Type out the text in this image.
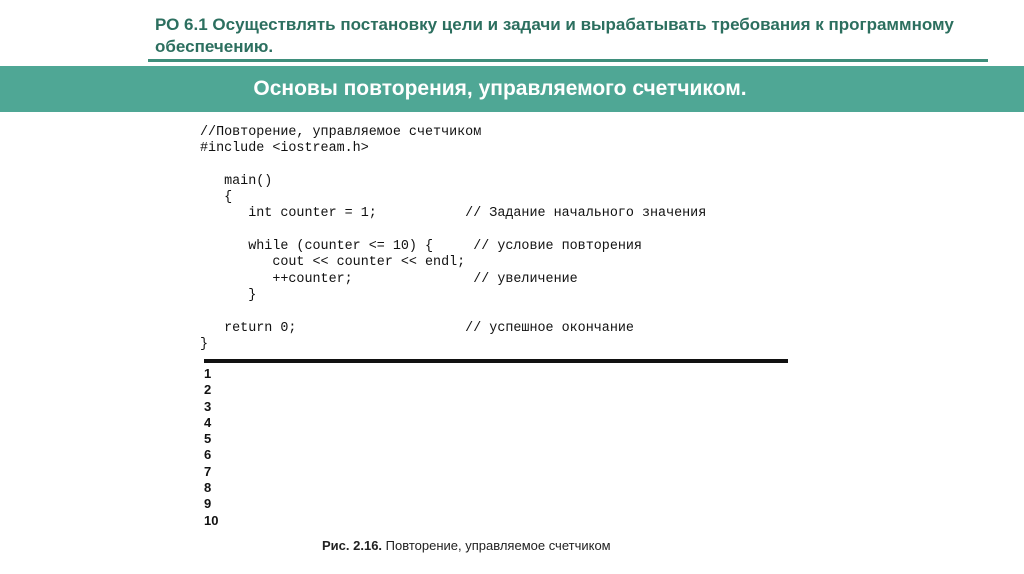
РО 6.1 Осуществлять постановку цели и задачи и вырабатывать требования к программному обеспечению.
Основы повторения, управляемого счетчиком.
//Повторение, управляемое счетчиком
#include <iostream.h>

main()
{
int counter = 1;           // Задание начального значения

while (counter <= 10) {     // условие повторения
cout << counter << endl;
++counter;               // увеличение
}

return 0;                     // успешное окончание
}
1
2
3
4
5
6
7
8
9
10
Рис. 2.16. Повторение, управляемое счетчиком
